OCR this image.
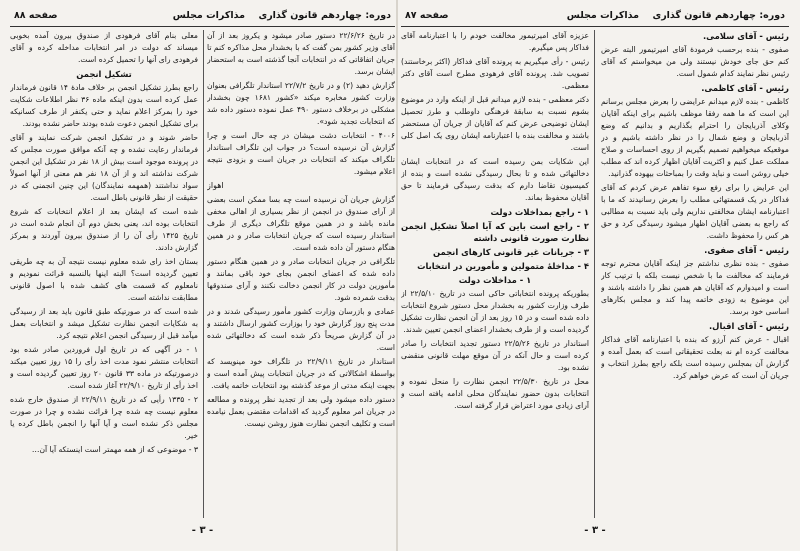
دوره: چهاردهم قانون گذاری
مذاکرات مجلس
صفحه ۸۷

رئیس - آقای سلامی.

صفوی - بنده برحسب فرمودهٔ آقای امیرتیمور البته عرض کنم حق جای خودش نیستند ولی من میخواستم که آقای رئیس نظر نمایند کدام شمول است.

رئیس - آقای کاظمی.

کاظمی - بنده لازم میدانم عرایضی را بعرض مجلس برسانم این است که ما همه رفقا موظف باشیم برای اینکه آقایان وکلای آذربایجان را احترام بگذاریم و بدانیم که وضع آذربایجان و وضع شمال را در نظر داشته باشیم و در موقعیکه میخواهیم تصمیم بگیریم از روی احساسات و صلاح مملکت عمل کنیم و اکثریت آقایان اظهار کرده اند که مطلب خیلی روشن است و نباید وقت را بمباحثات بیهوده گذرانید.

این عرایض را برای رفع سوء تفاهم عرض کردم که آقای فداکار در یک قسمتهائی مطلب را بعرض رسانیدند که ما با اعتبارنامه ایشان مخالفتی نداریم ولی باید نسبت به مطالبی که راجع به بعضی آقایان اظهار میشود رسیدگی کرد و حق هر کس را محفوظ داشت.

رئیس - آقای صفوی.

صفوی - بنده نظری نداشتم جز اینکه آقایان محترم توجه فرمایند که مخالفت ما با شخص نیست بلکه با ترتیب کار است و امیدوارم که آقایان هم همین نظر را داشته باشند و این موضوع به زودی خاتمه پیدا کند و مجلس بکارهای اساسی خود برسد.

رئیس - آقای اقبال.

اقبال - عرض کنم آرزو که بنده با اعتبارنامه آقای فداکار مخالفت کرده ام نه بعلت تحقیقاتی است که بعمل آمده و گزارش آن بمجلس رسیده است بلکه راجع بطرز انتخاب و جریان آن است که عرض خواهم کرد.

عزیزه آقای امیرتیمور مخالفت خودم را با اعتبارنامه آقای فداکار پس میگیرم.

رئیس - رأی میگیریم به پرونده آقای فداکار (اکثر برخاستند) تصویب شد. پرونده آقای فرهودی مطرح است آقای دکتر معظمی.

دکتر معظمی - بنده لازم میدانم قبل از اینکه وارد در موضوع بشوم نسبت به سابقهٔ فرهنگی داوطلب و طرز تحصیل ایشان توضیحی عرض کنم که آقایان از جریان آن مستحضر باشند و مخالفت بنده با اعتبارنامه ایشان روی یک اصل کلی است.

این شکایات بمن رسیده است که در انتخابات ایشان دخالتهائی شده و تا بحال رسیدگی نشده است و بنده از کمیسیون تقاضا دارم که بدقت رسیدگی فرمایند تا حق آقایان محفوظ بماند.

۱ - راجع بمداخلات دولت

۲ - راجع است باین که آیا اصلاً تشکیل انجمن نظارت صورت قانونی داشته

۳ - جریانات غیر قانونی کارهای انجمن

۴ - مداخلهٔ متمولین و مأمورین در انتخابات

۱ - مداخلات دولت

بطوریکه پرونده انتخاباتی حاکی است در تاریخ ۲۲/۵/۱۰ از طرف وزارت کشور به بخشدار محل دستور شروع انتخابات داده شده است و در ۱۵ روز بعد از آن انجمن نظارت تشکیل گردیده است و از طرف بخشدار اعضای انجمن تعیین شدند.

استاندار در تاریخ ۲۲/۵/۲۶ دستور تجدید انتخابات را صادر کرده است و حال آنکه در آن موقع مهلت قانونی منقضی نشده بود.

محل در تاریخ ۲۲/۵/۳۰ انجمن نظارت را منحل نموده و انتخابات بدون حضور نمایندگان محلی ادامه یافته است و آرای زیادی مورد اعتراض قرار گرفته است.

- ۳ -
دوره: چهاردهم قانون گذاری
مذاکرات مجلس
صفحه ۸۸

در تاریخ ۲۲/۶/۲۶ دستور صادر میشود و یکروز بعد از آن آقای وزیر کشور بمن گفت که با بخشدار محل مذاکره کنم تا جریان اتفاقاتی که در انتخابات آنجا گذشته است به استحضار ایشان برسد.

گزارش دهید (۲) و در تاریخ ۲۲/۷/۲ استاندار تلگرافی بعنوان وزارت کشور مخابره میکند «کشور ۱۶۸۱ چون بخشدار مشکلی در برخلاف دستور ۴۹۰ عمل نموده دستور داده شد که انتخابات تجدید شود».

۴۰۰۶ - انتخابات دشت میشان در چه حال است و چرا گزارش آن نرسیده است؟ در جواب این تلگراف استاندار تلگراف میکند که انتخابات در جریان است و بزودی نتیجه اعلام میشود.

اهواز

گزارش جریان آن نرسیده است چه بسا ممکن است بعضی از آرای صندوق در انجمن از نظر بسیاری از اهالی مخفی مانده باشد و در همین موقع تلگراف دیگری از طرف استاندار رسیده است که جریان انتخابات صادر و در همین هنگام دستور آن داده شده است.

تلگرافی در جریان انتخابات صادر و در همین هنگام دستور داده شده که اعضای انجمن بجای خود باقی بمانند و مأمورین دولت در کار انجمن دخالت نکنند و آرای صندوقها بدقت شمرده شود.

عمادی و بازرسان وزارت کشور مأمور رسیدگی شدند و در مدت پنج روز گزارش خود را بوزارت کشور ارسال داشتند و در آن گزارش صریحاً ذکر شده است که دخالتهائی شده است.

استاندار در تاریخ ۲۲/۹/۱۱ در تلگراف خود مینویسد که بواسطهٔ اشکالاتی که در جریان انتخابات پیش آمده است و بجهت اینکه مدتی از موعد گذشته بود انتخابات خاتمه یافت.

دستور داده میشود ولی بعد از تجدید نظر پرونده و مطالعه در جریان امر معلوم گردید که اقدامات مقتضی بعمل نیامده است و تکلیف انجمن نظارت هنوز روشن نیست.

معلی بنام آقای فرهودی از صندوق بیرون آمده بخوبی میساند که دولت در امر انتخابات مداخله کرده و آقای فرهودی رای آنها را تحمیل کرده است.

تشکیل انجمن

راجع بطرز تشکیل انجمن بر خلاف مادهٔ ۱۴ قانون فرماندار عمل کرده است بدون اینکه ماده ۳۶ نظر اطلاعات شکایت خود را بمرکز اعلام نماید و حتی یکنفر از طرف کسانیکه برای تشکیل انجمن دعوت شده بودند حاضر نشده بودند.

حاضر شوند و در تشکیل انجمن شرکت نمایند و آقای فرماندار رعایت نشده و چه آنکه موافق صورت مجلس که در پرونده موجود است بیش از ۱۸ نفر در تشکیل این انجمن شرکت نداشته اند و از آن ۱۸ نفر هم معنی از آنها اصولاً سواد نداشتند (همهمه نمایندگان) این چنین انجمنی که در حقیقت از نظر قانونی باطل است.

شده است که ایشان بعد از اعلام انتخابات که شروع انتخابات بوده اند، یعنی بخش دوم آن انجام شده است در تاریخ ۱۴۲۵ رأی آن را از صندوق بیرون آوردند و بمرکز گزارش دادند.

بستان اخذ رای شده معلوم نیست نتیجه آن به چه طریقی تعیین گردیده است؟ البته اینها بالنسبه قرائت نمودیم و نامعلوم که قسمت های کشف شده با اصول قانونی مطابقت نداشته است.

شده است که در صورتیکه طبق قانون باید بعد از رسیدگی به شکایات انجمن نظارت تشکیل میشد و انتخابات بعمل میآمد قبل از رسیدگی انجمن اعلام نتیجه کرد.

۱ - در آگهی که در تاریخ اول فروردین صادر شده بود انتخابات منتشر نمود مدت اخذ رأی را ۱۵ روز تعیین میکند درصورتیکه در ماده ۳۳ قانون ۲۰ روز تعیین گردیده است و اخذ رأی از تاریخ ۲۲/۹/۱۰ آغاز شده است.

۲ - ۱۳۳۵ رأیی که در تاریخ ۲۲/۹/۱۱ از صندوق خارج شده معلوم نیست چه شده چرا قرائت نشده و چرا در صورت مجلس ذکر نشده است و آیا آنها را انجمن باطل کرده یا خیر.

۳ - موضوعی که از همه مهمتر است اینستکه آیا آن…

- ۳ -
